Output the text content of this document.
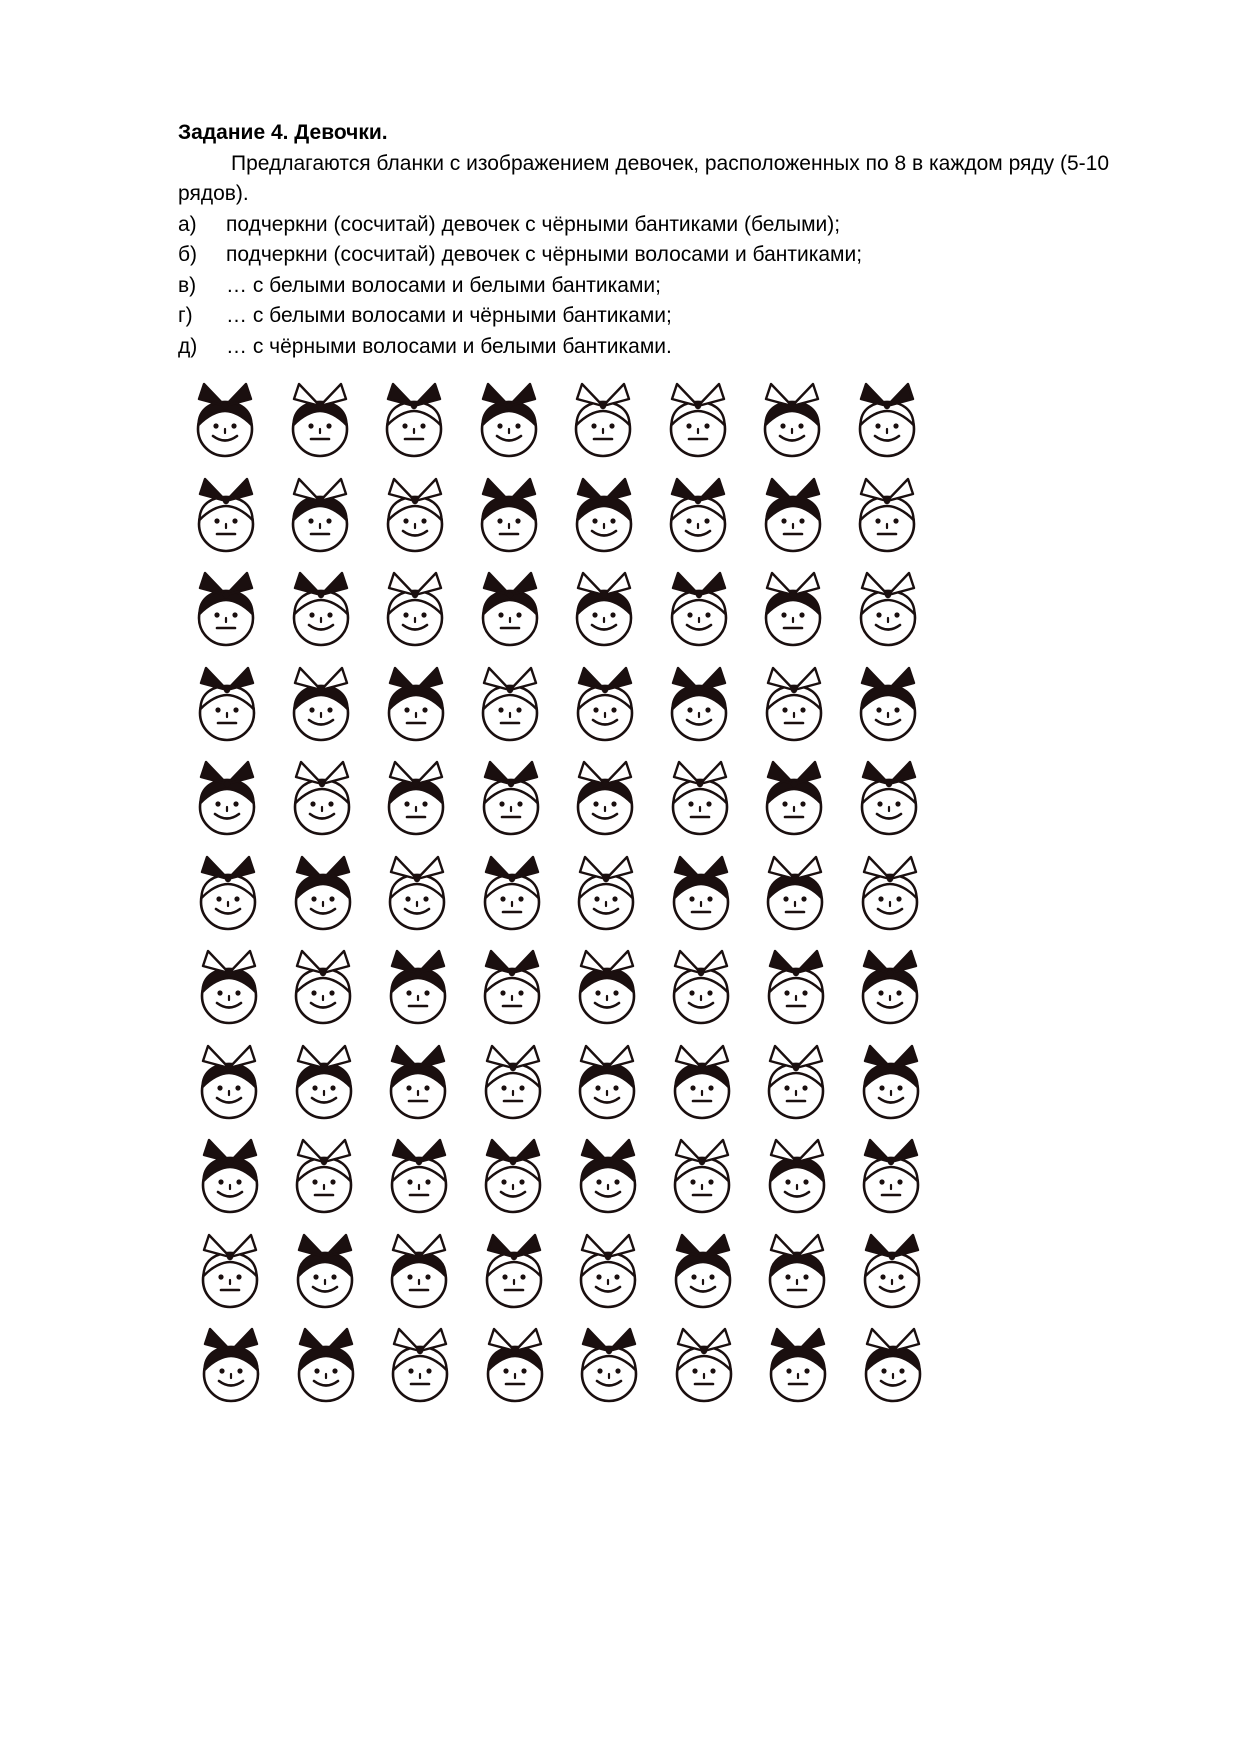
Задание 4. Девочки.

Предлагаются бланки с изображением девочек, расположенных по 8 в каждом ряду (5-10 рядов).

а)	подчеркни (сосчитай) девочек с чёрными бантиками (белыми);
б)	подчеркни (сосчитай) девочек с чёрными волосами и бантиками;
в)	… с белыми волосами и белыми бантиками;
г)	… с белыми волосами и чёрными бантиками;
д)	… с чёрными волосами и белыми бантиками.
